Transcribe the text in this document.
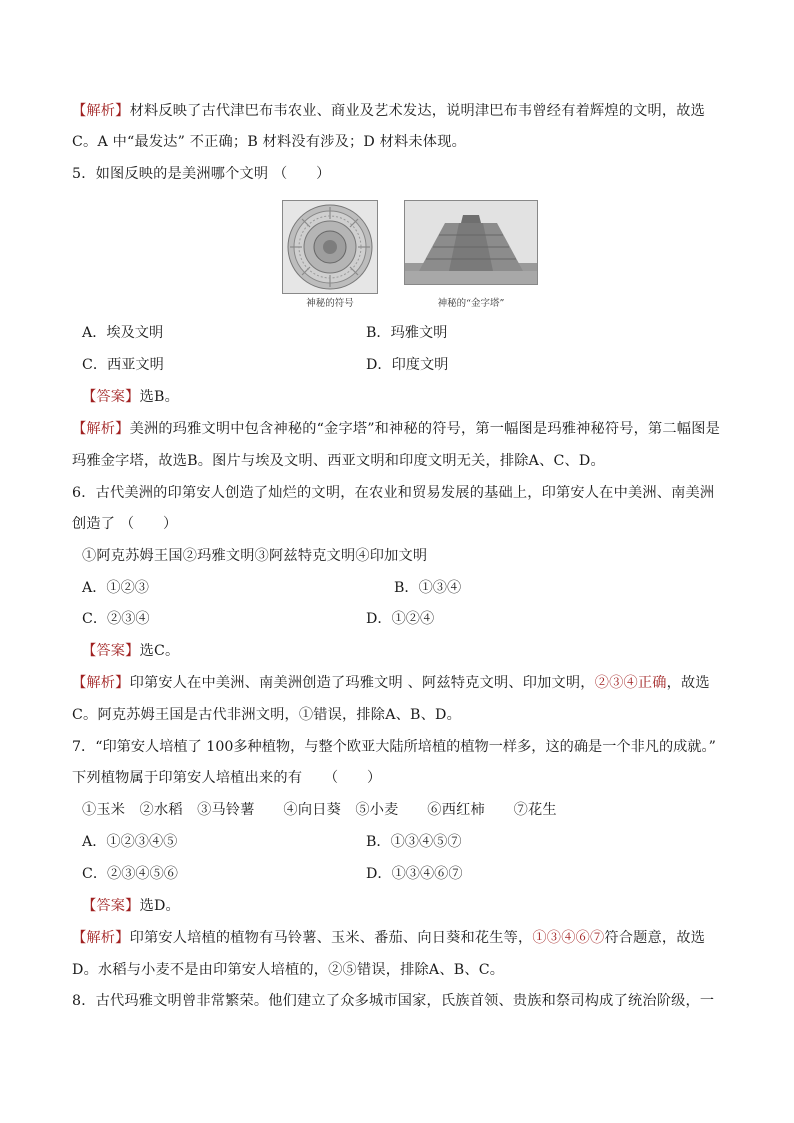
【解析】材料反映了古代津巴布韦农业、商业及艺术发达，说明津巴布韦曾经有着辉煌的文明，故选
C。A 中“最发达” 不正确；B 材料没有涉及；D 材料未体现。
5．如图反映的是美洲哪个文明 （　　）
神秘的符号	神秘的“金字塔”
A．埃及文明	B．玛雅文明
C．西亚文明	D．印度文明
【答案】选B。
【解析】美洲的玛雅文明中包含神秘的“金字塔”和神秘的符号，第一幅图是玛雅神秘符号，第二幅图是
玛雅金字塔，故选B。图片与埃及文明、西亚文明和印度文明无关，排除A、C、D。
6．古代美洲的印第安人创造了灿烂的文明，在农业和贸易发展的基础上，印第安人在中美洲、南美洲
创造了 （　　）
①阿克苏姆王国②玛雅文明③阿兹特克文明④印加文明
A．①②③	B．①③④
C．②③④	D．①②④
【答案】选C。
【解析】印第安人在中美洲、南美洲创造了玛雅文明 、阿兹特克文明、印加文明，②③④正确，故选
C。阿克苏姆王国是古代非洲文明，①错误，排除A、B、D。
7．“印第安人培植了 100多种植物，与整个欧亚大陆所培植的植物一样多，这的确是一个非凡的成就。”
下列植物属于印第安人培植出来的有　　（　　）
①玉米　②水稻　③马铃薯　　④向日葵　⑤小麦　　⑥西红柿　　⑦花生
A．①②③④⑤	B．①③④⑤⑦
C．②③④⑤⑥	D．①③④⑥⑦
【答案】选D。
【解析】印第安人培植的植物有马铃薯、玉米、番茄、向日葵和花生等，①③④⑥⑦符合题意，故选
D。水稻与小麦不是由印第安人培植的，②⑤错误，排除A、B、C。
8．古代玛雅文明曾非常繁荣。他们建立了众多城市国家，氏族首领、贵族和祭司构成了统治阶级，一
